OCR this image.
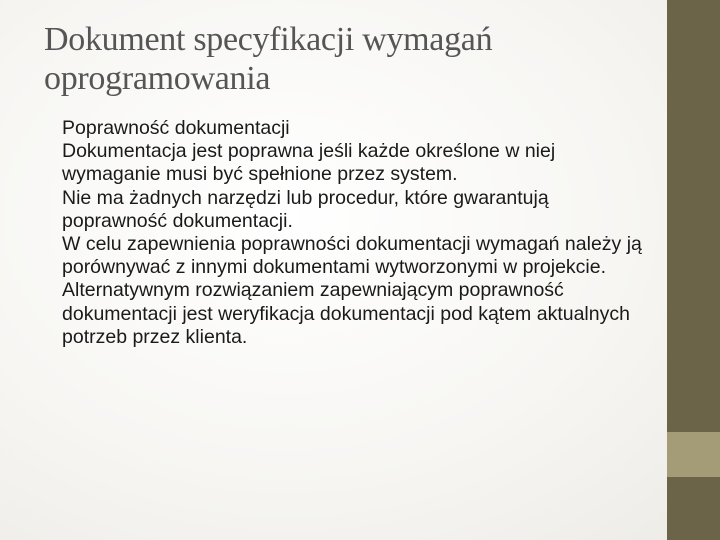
Dokument specyfikacji wymagań
oprogramowania

Poprawność dokumentacji

Dokumentacja jest poprawna jeśli każde określone w niej wymaganie musi być spełnione przez system.

Nie ma żadnych narzędzi lub procedur, które gwarantują poprawność dokumentacji.

W celu zapewnienia poprawności dokumentacji wymagań należy ją porównywać z innymi dokumentami wytworzonymi w projekcie.

Alternatywnym rozwiązaniem zapewniającym poprawność dokumentacji jest weryfikacja dokumentacji pod kątem aktualnych potrzeb przez klienta.
